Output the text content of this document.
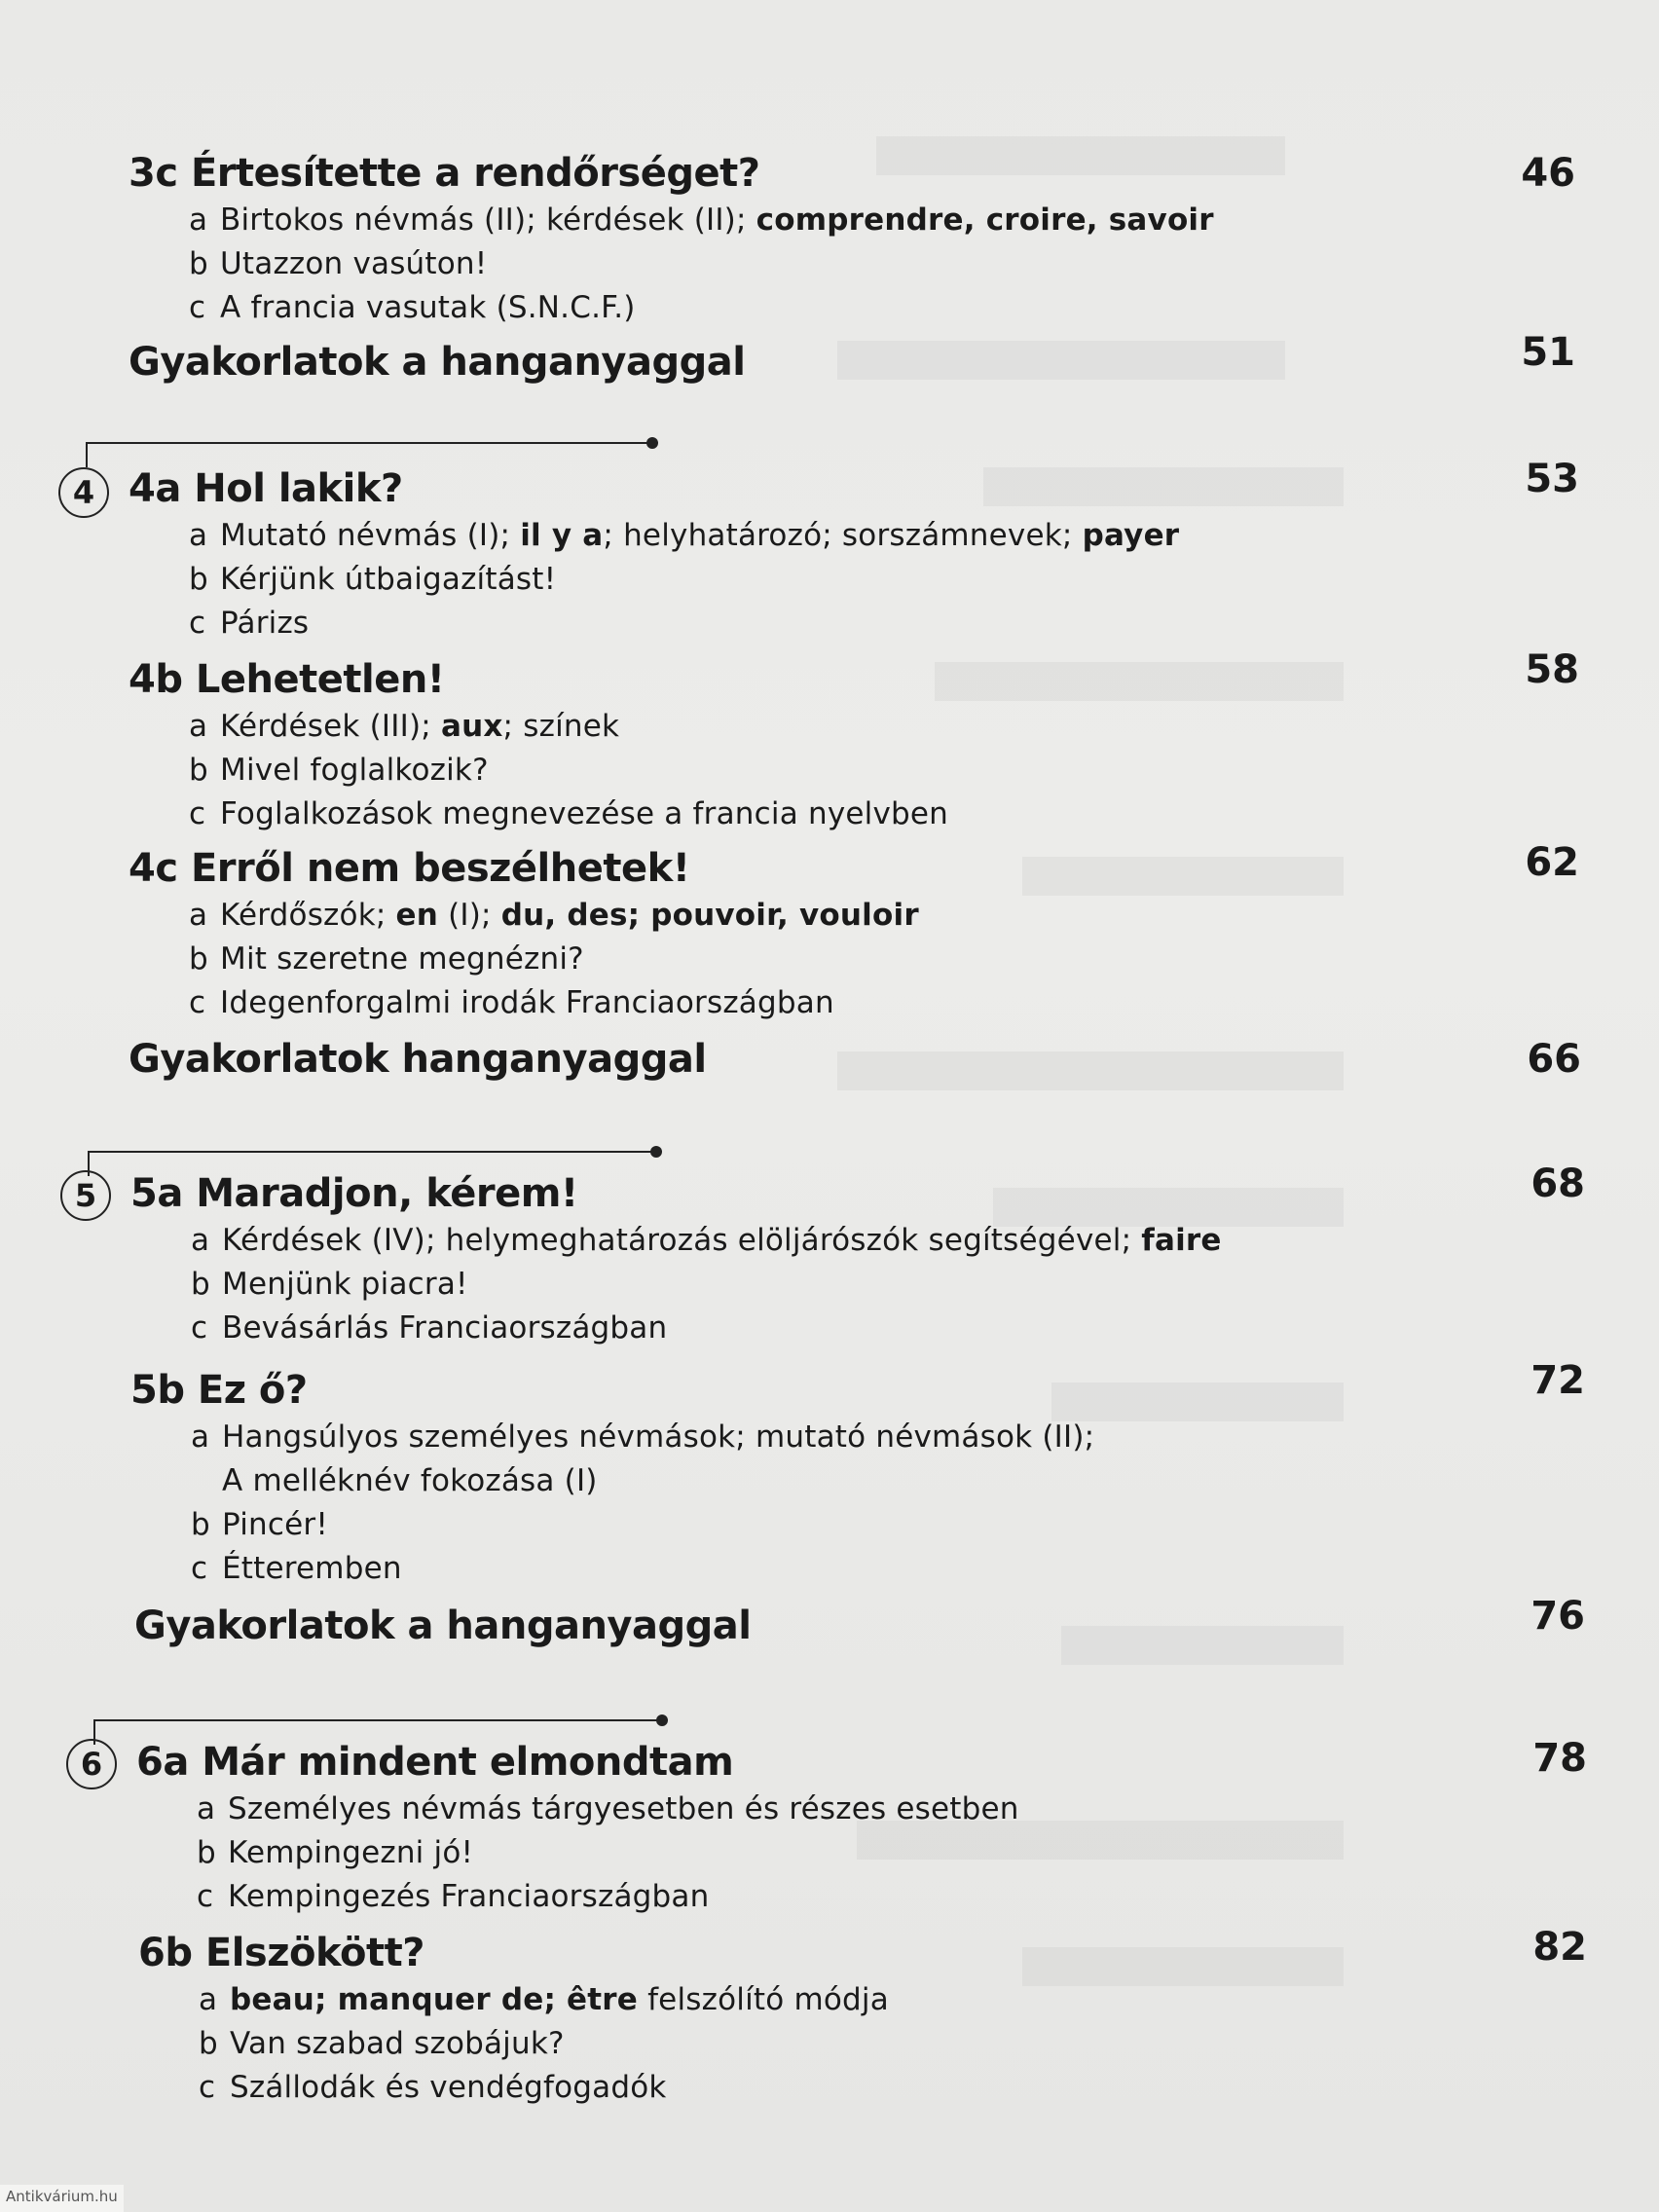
3c Értesítette a rendőrséget?	46
a Birtokos névmás (II); kérdések (II); comprendre, croire, savoir
b Utazzon vasúton!
c A francia vasutak (S.N.C.F.)
Gyakorlatok a hanganyaggal	51
4 4a Hol lakik?	53
a Mutató névmás (I); il y a; helyhatározó; sorszámnevek; payer
b Kérjünk útbaigazítást!
c Párizs
4b Lehetetlen!	58
a Kérdések (III); aux; színek
b Mivel foglalkozik?
c Foglalkozások megnevezése a francia nyelvben
4c Erről nem beszélhetek!	62
a Kérdőszók; en (I); du, des; pouvoir, vouloir
b Mit szeretne megnézni?
c Idegenforgalmi irodák Franciaországban
Gyakorlatok hanganyaggal	66
5 5a Maradjon, kérem!	68
a Kérdések (IV); helymeghatározás elöljárószók segítségével; faire
b Menjünk piacra!
c Bevásárlás Franciaországban
5b Ez ő?	72
a Hangsúlyos személyes névmások; mutató névmások (II);
A melléknév fokozása (I)
b Pincér!
c Étteremben
Gyakorlatok a hanganyaggal	76
6 6a Már mindent elmondtam	78
a Személyes névmás tárgyesetben és részes esetben
b Kempingezni jó!
c Kempingezés Franciaországban
6b Elszökött?	82
a beau; manquer de; être felszólító módja
b Van szabad szobájuk?
c Szállodák és vendégfogadók
Antikvárium.hu
